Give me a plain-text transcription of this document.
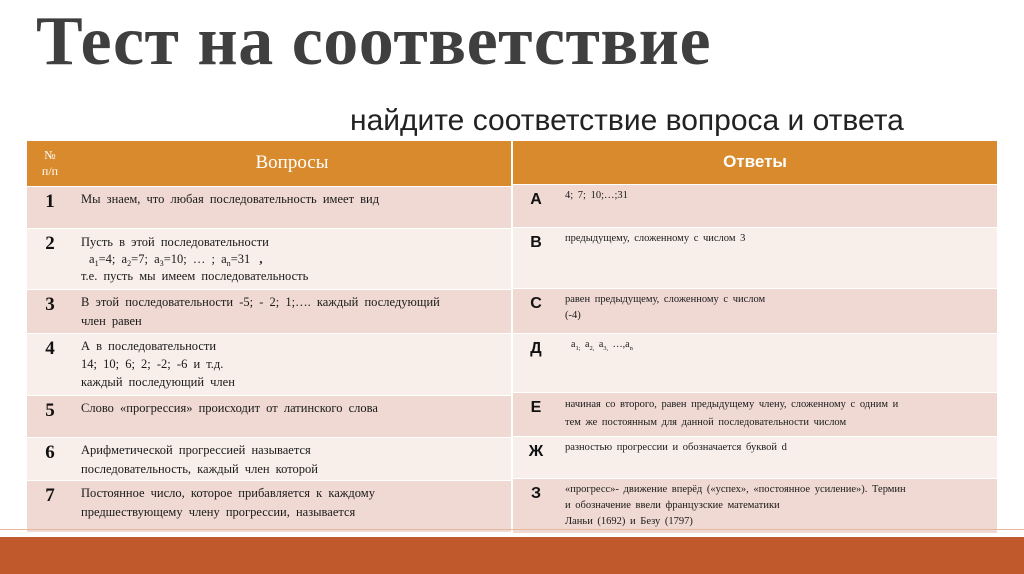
Тест на соответствие
найдите соответствие вопроса и ответа
№
п/п	Вопросы
1	Мы знаем, что любая последовательность имеет вид

2	Пусть в этой последовательности
$a_1=4$; $a_2=7$; $a_3=10$; … ; $a_n=31$ ,
т.е. пусть мы имеем последовательность

3	В этой последовательности -5; - 2; 1;…. каждый последующий
член равен

4	А в последовательности
14; 10; 6; 2; -2; -6 и т.д.
каждый последующий член

5	Слово «прогрессия» происходит от латинского слова

6	Арифметической прогрессией называется
последовательность, каждый член которой

7	Постоянное число, которое прибавляется к каждому
предшествующему члену прогрессии, называется
Ответы	
А	4; 7; 10;…;31

В	предыдущему, сложенному с числом 3

С	равен предыдущему, сложенному с числом
(-4)

Д	$a_{1;}$ $a_{2,}$ $a_{3,}$ $\dots,a_n$
Е	начиная со второго, равен предыдущему члену, сложенному с одним и
тем же постоянным для данной последовательности числом

Ж	разностью прогрессии и обозначается буквой d

З	«прогресс»- движение вперёд («успех», «постоянное усиление»). Термин
и обозначение ввели французские математики
Ланьи (1692) и Безу (1797)
